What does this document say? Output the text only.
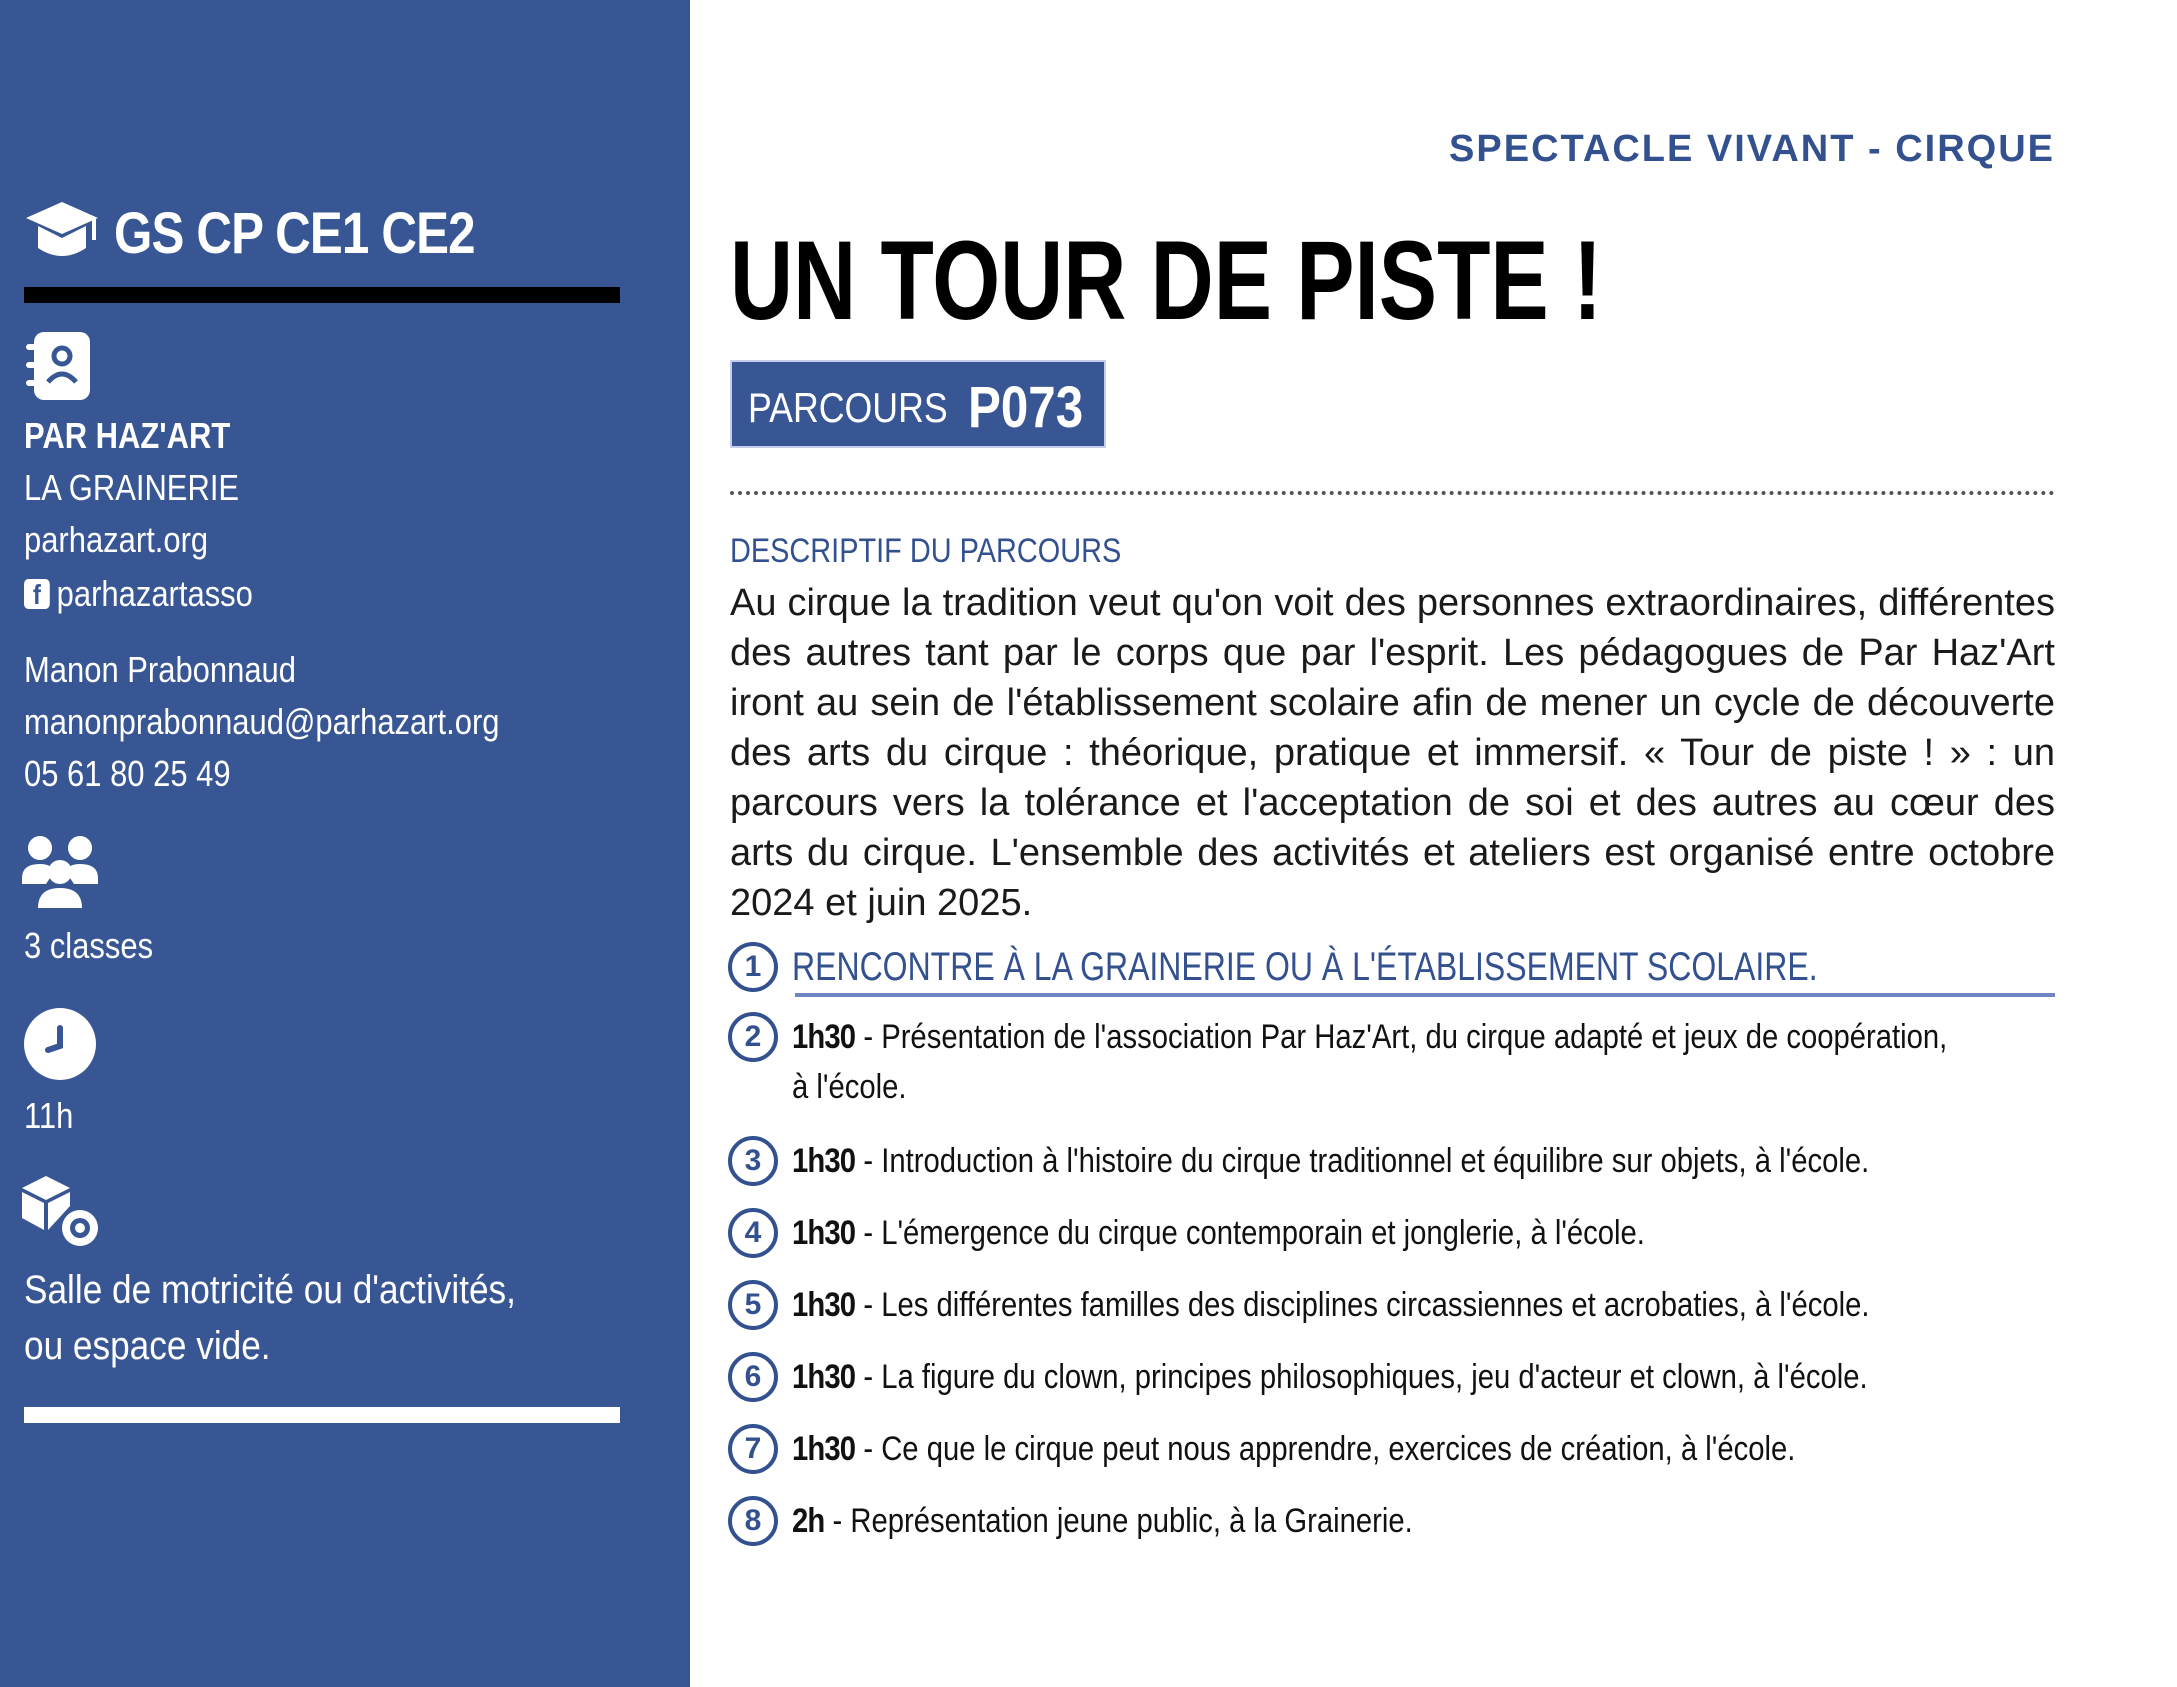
GS CP CE1 CE2
PAR HAZ'ART
LA GRAINERIE
parhazart.org
f parhazartasso
Manon Prabonnaud
manonprabonnaud@parhazart.org
05 61 80 25 49
3 classes
11h
Salle de motricité ou d'activités,
ou espace vide.
SPECTACLE VIVANT - CIRQUE
UN TOUR DE PISTE !
PARCOURS P073
DESCRIPTIF DU PARCOURS

Au cirque la tradition veut qu'on voit des personnes extraordinaires, différentes des autres tant par le corps que par l'esprit. Les pédagogues de Par Haz'Art iront au sein de l'établissement scolaire afin de mener un cycle de découverte des arts du cirque : théorique, pratique et immersif. « Tour de piste ! » : un parcours vers la tolérance et l'acceptation de soi et des autres au cœur des arts du cirque. L'ensemble des activités et ateliers est organisé entre octobre 2024 et juin 2025.

1 RENCONTRE À LA GRAINERIE OU À L'ÉTABLISSEMENT SCOLAIRE.
2 1h30 - Présentation de l'association Par Haz'Art, du cirque adapté et jeux de coopération,
à l'école.
3 1h30 - Introduction à l'histoire du cirque traditionnel et équilibre sur objets, à l'école.
4 1h30 - L'émergence du cirque contemporain et jonglerie, à l'école.
5 1h30 - Les différentes familles des disciplines circassiennes et acrobaties, à l'école.
6 1h30 - La figure du clown, principes philosophiques, jeu d'acteur et clown, à l'école.
7 1h30 - Ce que le cirque peut nous apprendre, exercices de création, à l'école.
8 2h - Représentation jeune public, à la Grainerie.
